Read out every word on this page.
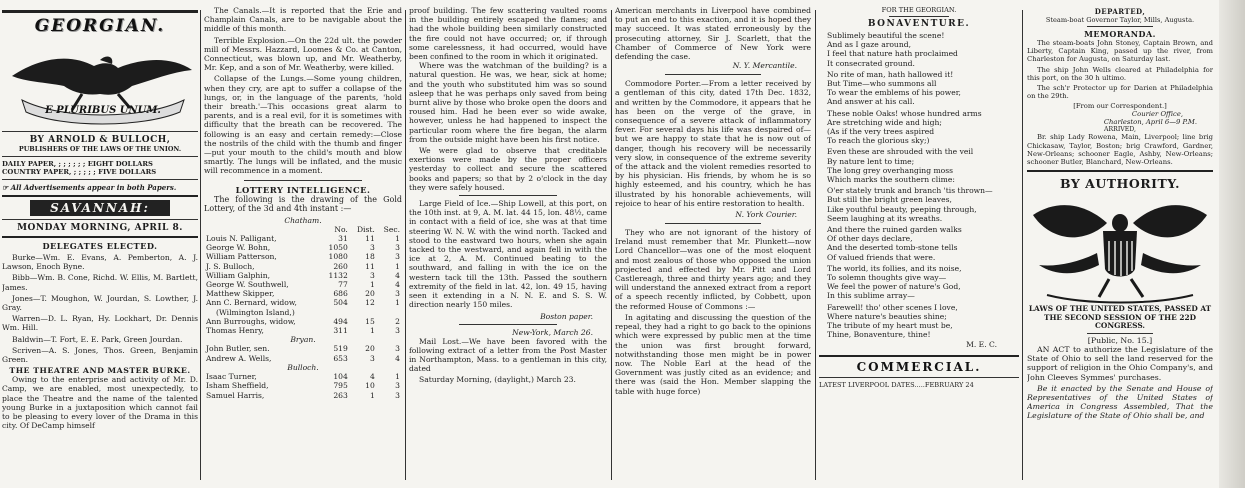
GEORGIAN.
E PLURIBUS UNUM.
BY ARNOLD & BULLOCH,
PUBLISHERS OF THE LAWS OF THE UNION.
DAILY PAPER, ; ; ; ; ; ; EIGHT DOLLARS
COUNTRY PAPER, ; ; ; ; ; FIVE DOLLARS
☞ All Advertisements appear in both Papers.
SAVANNAH:
MONDAY MORNING, APRIL 8.
DELEGATES ELECTED.

Burke—Wm. E. Evans, A. Pemberton, A. J. Lawson, Enoch Byne.

Bibb—Wm. B. Cone, Richd. W. Ellis, M. Bartlett, James.

Jones—T. Moughon, W. Jourdan, S. Lowther, J. Gray.

Warren—D. L. Ryan, Hy. Lockhart, Dr. Dennis Wm. Hill.

Baldwin—T. Fort, E. E. Park, Green Jourdan.

Scriven—A. S. Jones, Thos. Green, Benjamin Green.

THE THEATRE AND MASTER BURKE.

Owing to the enterprise and activity of Mr. D. Camp, we are enabled, most unexpectedly, to place the Theatre and the name of the talented young Burke in a juxtaposition which cannot fail to be pleasing to every lover of the Drama in this city. Of DeCamp himself

The Canals.—It is reported that the Erie and Champlain Canals, are to be navigable about the middle of this month.

Terrible Explosion.—On the 22d ult. the powder mill of Messrs. Hazzard, Loomes & Co. at Canton, Connecticut, was blown up, and Mr. Weatherby, Mr. Kep, and a son of Mr. Weatherby, were killed.

Collapse of the Lungs.—Some young children, when they cry, are apt to suffer a collapse of the lungs, or, in the language of the parents, 'hold their breath.'—This occasions great alarm to parents, and is a real evil, for it is sometimes with difficulty that the breath can be recovered. The following is an easy and certain remedy:—Close the nostrils of the child with the thumb and finger—put your mouth to the child's mouth and blow smartly. The lungs will be inflated, and the music will recommence in a moment.

LOTTERY INTELLIGENCE.

The following is the drawing of the Gold Lottery, of the 3d and 4th instant :—

Chatham.
	No.	Dist.	Sec.
Louis N. Palligant,	31	11	1
George W. Bohn,	1050	3	3
William Patterson,	1080	18	3
J. S. Bulloch,	260	11	1
William Galphin,	1132	3	4
George W. Southwell,	77	1	4
Matthew Skipper,	686	20	3
Ann C. Bernard, widow,	504	12	1
(Wilmington Island,)			
Ann Burroughs, widow,	494	15	2
Thomas Henry,	311	1	3
Bryan.			
John Butler, sen.	519	20	3
Andrew A. Wells,	653	3	4
Bulloch.			
Isaac Turner,	104	4	1
Isham Sheffield,	795	10	3
Samuel Harris,	263	1	3

proof building. The few scattering vaulted rooms in the building entirely escaped the flames; and had the whole building been similarly constructed the fire could not have occurred; or, if through some carelessness, it had occurred, would have been confined to the room in which it originated.

Where was the watchman of the building? is a natural question. He was, we hear, sick at home; and the youth who substituted him was so sound asleep that he was perhaps only saved from being burnt alive by those who broke open the doors and roused him. Had he been ever so wide awake, however, unless he had happened to inspect the particular room where the fire began, the alarm from the outside might have been his first notice.

We were glad to observe that creditable exertions were made by the proper officers yesterday to collect and secure the scattered books and papers; so that by 2 o'clock in the day they were safely housed.

Large Field of Ice.—Ship Lowell, at this port, on the 10th inst. at 9, A. M. lat. 44 15, lon. 48½, came in contact with a field of ice, she was at that time steering W. N. W. with the wind north. Tacked and stood to the eastward two hours, when she again tacked to the westward, and again fell in with the ice at 2, A. M. Continued beating to the southward, and falling in with the ice on the western tack till the 13th. Passed the southern extremity of the field in lat. 42, lon. 49 15, having seen it extending in a N. N. E. and S. S. W. direction nearly 150 miles.

Boston paper.
New-York, March 26.

Mail Lost.—We have been favored with the following extract of a letter from the Post Master in Northampton, Mass. to a gentleman in this city, dated

Saturday Morning, (daylight,) March 23.

American merchants in Liverpool have combined to put an end to this exaction, and it is hoped they may succeed. It was stated erroneously by the prosecuting attorney, Sir J. Scarlett, that the Chamber of Commerce of New York were defending the case.

N. Y. Mercantile.

Commodore Porter.—From a letter received by a gentleman of this city, dated 17th Dec. 1832, and written by the Commodore, it appears that he has been on the verge of the grave, in consequence of a severe attack of inflammatory fever. For several days his life was despaired of—but we are happy to state that he is now out of danger, though his recovery will be necessarily very slow, in consequence of the extreme severity of the attack and the violent remedies resorted to by his physician. His friends, by whom he is so highly esteemed, and his country, which he has illustrated by his honorable achievements, will rejoice to hear of his entire restoration to health.

N. York Courier.

They who are not ignorant of the history of Ireland must remember that Mr. Plunkett—now Lord Chancellor—was one of the most eloquent and most zealous of those who opposed the union projected and effected by Mr. Pitt and Lord Castlereagh, three and thirty years ago; and they will understand the annexed extract from a report of a speech recently inflicted, by Cobbett, upon the reformed House of Commons :—

In agitating and discussing the question of the repeal, they had a right to go back to the opinions which were expressed by public men at the time the union was first brought forward, notwithstanding those men might be in power now. The Noble Earl at the head of the Government was justly cited as an evidence; and there was (said the Hon. Member slapping the table with huge force)

FOR THE GEORGIAN.
BONAVENTURE.
Sublimely beautiful the scene!
And as I gaze around,
I feel that nature hath proclaimed
It consecrated ground.
No rite of man, hath hallowed it!
But Time—who summons all
To wear the emblems of his power,
And answer at his call.
These noble Oaks! whose hundred arms
Are stretching wide and high;
(As if the very trees aspired
To reach the glorious sky;)
Even these are shrouded with the veil
By nature lent to time;
The long grey overhanging moss
Which marks the southern clime:
O'er stately trunk and branch 'tis thrown—
But still the bright green leaves,
Like youthful beauty, peeping through,
Seem laughing at its wreaths.
And there the ruined garden walks
Of other days declare,
And the deserted tomb-stone tells
Of valued friends that were.
The world, its follies, and its noise,
To solemn thoughts give way—
We feel the power of nature's God,
In this sublime array—
Farewell! tho' other scenes I love,
Where nature's beauties shine;
The tribute of my heart must be,
Thine, Bonaventure, thine!
M. E. C.
COMMERCIAL.
LATEST LIVERPOOL DATES.....FEBRUARY 24
DEPARTED,
Steam-boat Governor Taylor, Mills, Augusta.
MEMORANDA.

The steam-boats John Stoney, Captain Brown, and Liberty, Captain King, passed up the river, from Charleston for Augusta, on Saturday last.

The ship John Wells cleared at Philadelphia for this port, on the 30 h ultimo.

The sch'r Protector up for Darien at Philadelphia on the 29th.

[From our Correspondent.]
Courier Office,
Charleston, April 6—9 P.M.
ARRIVED,

Br. ship Lady Rowena, Main, Liverpool; line brig Chickasaw, Taylor, Boston; brig Crawford, Gardner, New-Orleans; schooner Eagle, Ashby, New-Orleans; schooner Butler, Blanchard, New-Orleans.

BY AUTHORITY.
LAWS OF THE UNITED STATES, PASSED AT THE SECOND SESSION OF THE 22D CONGRESS.
[Public, No. 15.]

AN ACT to authorize the Legislature of the State of Ohio to sell the land reserved for the support of religion in the Ohio Company's, and John Cleeves Symmes' purchases.

Be it enacted by the Senate and House of Representatives of the United States of America in Congress Assembled, That the Legislature of the State of Ohio shall be, and
